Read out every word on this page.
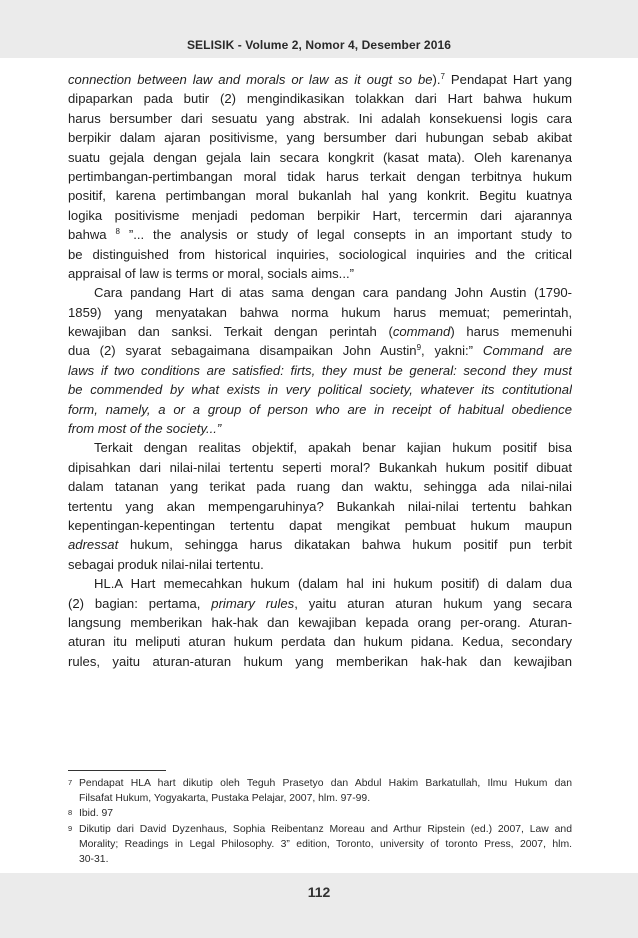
SELISIK - Volume 2, Nomor 4, Desember 2016
connection between law and morals or law as it ougt so be).$^7$ Pendapat Hart yang
dipaparkan pada butir (2) mengindikasikan tolakkan dari Hart bahwa hukum
harus bersumber dari sesuatu yang abstrak. Ini adalah konsekuensi logis cara
berpikir dalam ajaran positivisme, yang bersumber dari hubungan sebab akibat
suatu gejala dengan gejala lain secara kongkrit (kasat mata). Oleh karenanya
pertimbangan-pertimbangan moral tidak harus terkait dengan terbitnya hukum
positif, karena pertimbangan moral bukanlah hal yang konkrit. Begitu kuatnya
logika positivisme menjadi pedoman berpikir Hart, tercermin dari ajarannya
bahwa $^8$ ”... the analysis or study of legal consepts in an important study to
be distinguished from historical inquiries, sociological inquiries and the critical
appraisal of law is terms or moral, socials aims...”
Cara pandang Hart di atas sama dengan cara pandang John Austin (1790-
1859) yang menyatakan bahwa norma hukum harus memuat; pemerintah,
kewajiban dan sanksi. Terkait dengan perintah (command) harus memenuhi
dua (2) syarat sebagaimana disampaikan John Austin$^9$, yakni:” Command are
laws if two conditions are satisfied: firts, they must be general: second they must
be commended by what exists in very political society, whatever its contitutional
form, namely, a or a group of person who are in receipt of habitual obedience
from most of the society...”
Terkait dengan realitas objektif, apakah benar kajian hukum positif bisa
dipisahkan dari nilai-nilai tertentu seperti moral? Bukankah hukum positif dibuat
dalam tatanan yang terikat pada ruang dan waktu, sehingga ada nilai-nilai
tertentu yang akan mempengaruhinya? Bukankah nilai-nilai tertentu bahkan
kepentingan-kepentingan tertentu dapat mengikat pembuat hukum maupun
adressat hukum, sehingga harus dikatakan bahwa hukum positif pun terbit
sebagai produk nilai-nilai tertentu.
HL.A Hart memecahkan hukum (dalam hal ini hukum positif) di dalam dua
(2) bagian: pertama, primary rules, yaitu aturan aturan hukum yang secara
langsung memberikan hak-hak dan kewajiban kepada orang per-orang. Aturan-
aturan itu meliputi aturan hukum perdata dan hukum pidana. Kedua, secondary
rules, yaitu aturan-aturan hukum yang memberikan hak-hak dan kewajiban
7 Pendapat HLA hart dikutip oleh Teguh Prasetyo dan Abdul Hakim Barkatullah, Ilmu Hukum dan
Filsafat Hukum, Yogyakarta, Pustaka Pelajar, 2007, hlm. 97-99.
8 Ibid. 97
9 Dikutip dari David Dyzenhaus, Sophia Reibentanz Moreau and Arthur Ripstein (ed.) 2007, Law and
Morality; Readings in Legal Philosophy. 3” edition, Toronto, university of toronto Press, 2007, hlm.
30-31.
112
